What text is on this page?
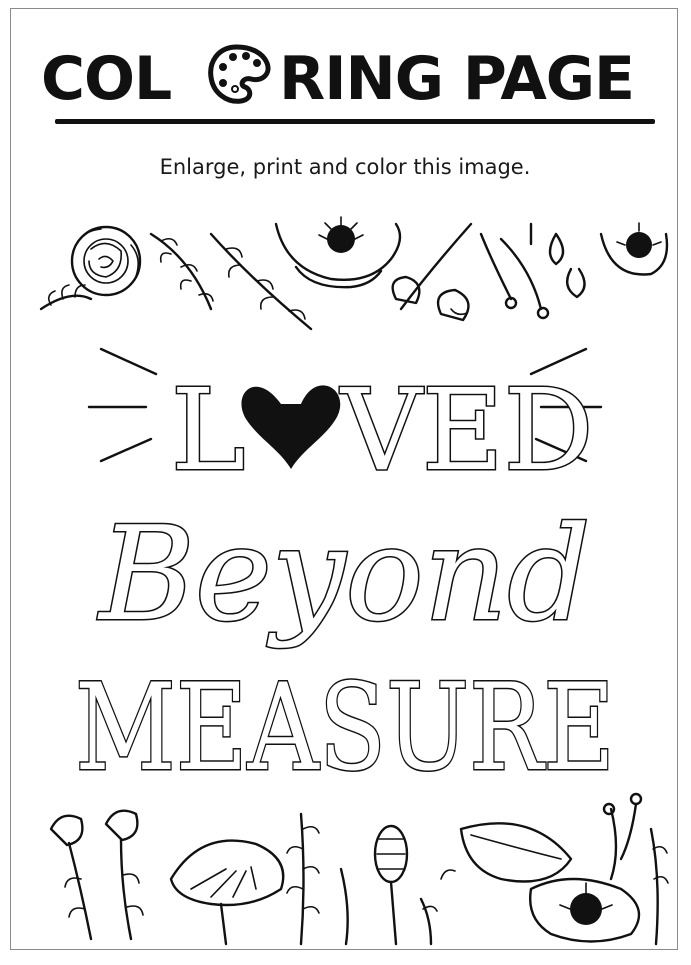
COL RING PAGE
Enlarge, print and color this image.
L VED
Beyond
MEASURE
